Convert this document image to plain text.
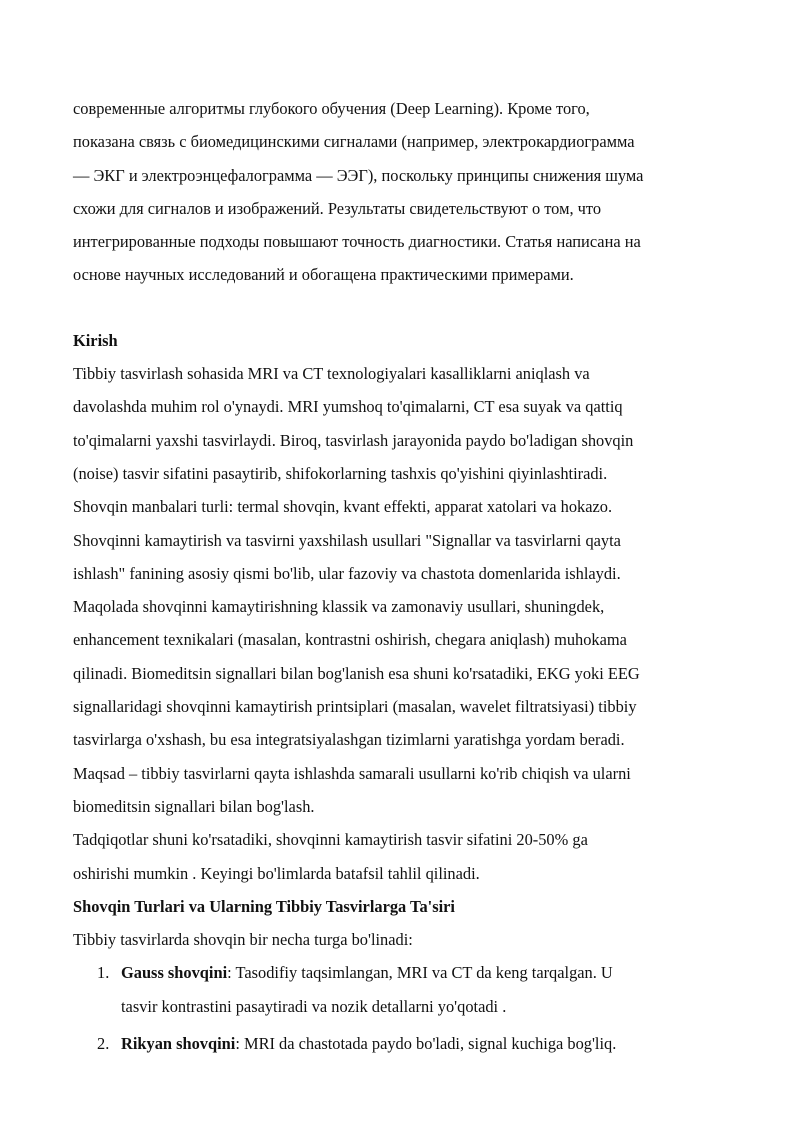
современные алгоритмы глубокого обучения (Deep Learning). Кроме того,
показана связь с биомедицинскими сигналами (например, электрокардиограмма
— ЭКГ и электроэнцефалограмма — ЭЭГ), поскольку принципы снижения шума
схожи для сигналов и изображений. Результаты свидетельствуют о том, что
интегрированные подходы повышают точность диагностики. Статья написана на
основе научных исследований и обогащена практическими примерами.
Kirish
Tibbiy tasvirlash sohasida MRI va CT texnologiyalari kasalliklarni aniqlash va
davolashda muhim rol o'ynaydi. MRI yumshoq to'qimalarni, CT esa suyak va qattiq
to'qimalarni yaxshi tasvirlaydi. Biroq, tasvirlash jarayonida paydo bo'ladigan shovqin
(noise) tasvir sifatini pasaytirib, shifokorlarning tashxis qo'yishini qiyinlashtiradi.
Shovqin manbalari turli: termal shovqin, kvant effekti, apparat xatolari va hokazo.
Shovqinni kamaytirish va tasvirni yaxshilash usullari "Signallar va tasvirlarni qayta
ishlash" fanining asosiy qismi bo'lib, ular fazoviy va chastota domenlarida ishlaydi.
Maqolada shovqinni kamaytirishning klassik va zamonaviy usullari, shuningdek,
enhancement texnikalari (masalan, kontrastni oshirish, chegara aniqlash) muhokama
qilinadi. Biomeditsin signallari bilan bog'lanish esa shuni ko'rsatadiki, EKG yoki EEG
signallaridagi shovqinni kamaytirish printsiplari (masalan, wavelet filtratsiyasi) tibbiy
tasvirlarga o'xshash, bu esa integratsiyalashgan tizimlarni yaratishga yordam beradi.
Maqsad – tibbiy tasvirlarni qayta ishlashda samarali usullarni ko'rib chiqish va ularni
biomeditsin signallari bilan bog'lash.
Tadqiqotlar shuni ko'rsatadiki, shovqinni kamaytirish tasvir sifatini 20-50% ga
oshirishi mumkin . Keyingi bo'limlarda batafsil tahlil qilinadi.
Shovqin Turlari va Ularning Tibbiy Tasvirlarga Ta'siri
Tibbiy tasvirlarda shovqin bir necha turga bo'linadi:
1. Gauss shovqini: Tasodifiy taqsimlangan, MRI va CT da keng tarqalgan. U
tasvir kontrastini pasaytiradi va nozik detallarni yo'qotadi .
2. Rikyan shovqini: MRI da chastotada paydo bo'ladi, signal kuchiga bog'liq.
